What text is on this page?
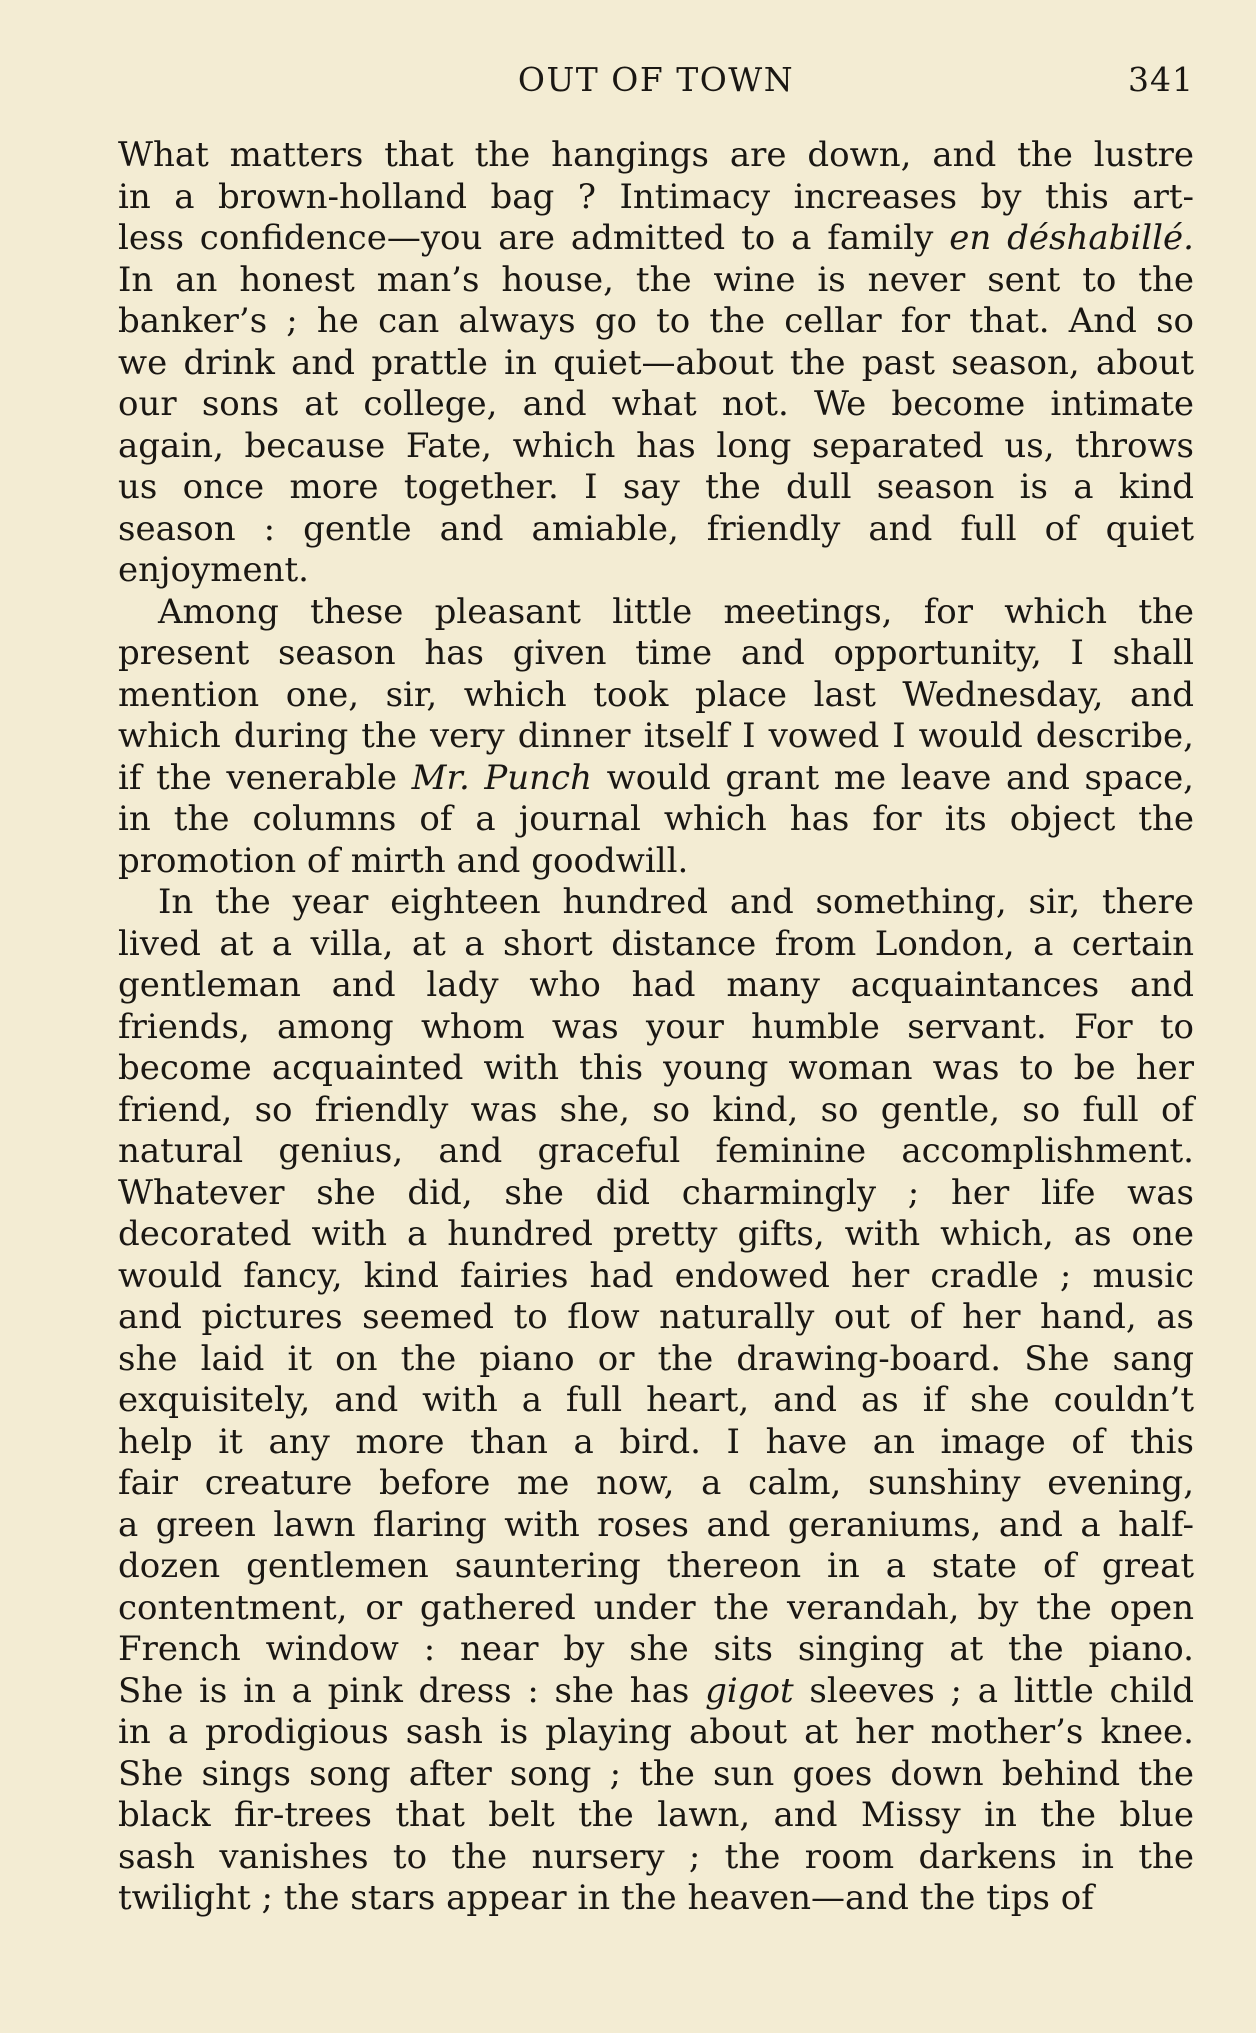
OUT OF TOWN	341
What matters that the hangings are down, and the lustre
in a brown-holland bag ? Intimacy increases by this art-
less confidence—you are admitted to a family en déshabillé.
In an honest man’s house, the wine is never sent to the
banker’s ; he can always go to the cellar for that. And so
we drink and prattle in quiet—about the past season, about
our sons at college, and what not. We become intimate
again, because Fate, which has long separated us, throws
us once more together. I say the dull season is a kind
season : gentle and amiable, friendly and full of quiet
enjoyment.
Among these pleasant little meetings, for which the
present season has given time and opportunity, I shall
mention one, sir, which took place last Wednesday, and
which during the very dinner itself I vowed I would describe,
if the venerable Mr. Punch would grant me leave and space,
in the columns of a journal which has for its object the
promotion of mirth and goodwill.
In the year eighteen hundred and something, sir, there
lived at a villa, at a short distance from London, a certain
gentleman and lady who had many acquaintances and
friends, among whom was your humble servant. For to
become acquainted with this young woman was to be her
friend, so friendly was she, so kind, so gentle, so full of
natural genius, and graceful feminine accomplishment.
Whatever she did, she did charmingly ; her life was
decorated with a hundred pretty gifts, with which, as one
would fancy, kind fairies had endowed her cradle ; music
and pictures seemed to flow naturally out of her hand, as
she laid it on the piano or the drawing-board. She sang
exquisitely, and with a full heart, and as if she couldn’t
help it any more than a bird. I have an image of this
fair creature before me now, a calm, sunshiny evening,
a green lawn flaring with roses and geraniums, and a half-
dozen gentlemen sauntering thereon in a state of great
contentment, or gathered under the verandah, by the open
French window : near by she sits singing at the piano.
She is in a pink dress : she has gigot sleeves ; a little child
in a prodigious sash is playing about at her mother’s knee.
She sings song after song ; the sun goes down behind the
black fir-trees that belt the lawn, and Missy in the blue
sash vanishes to the nursery ; the room darkens in the
twilight ; the stars appear in the heaven—and the tips of
